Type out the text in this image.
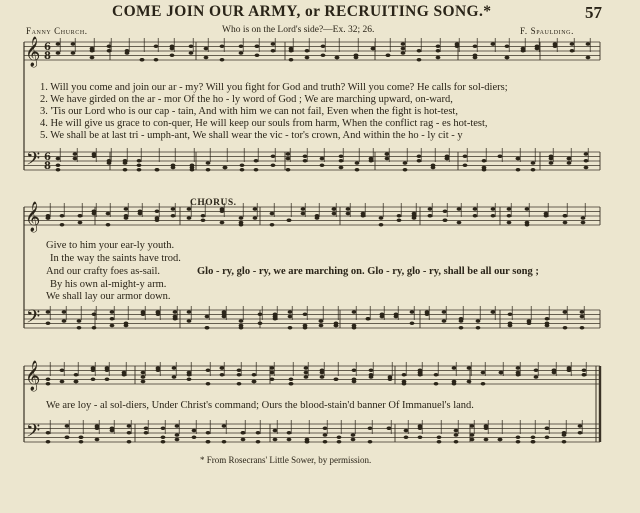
𝄞
𝄢
𝄞
𝄢
𝄞
𝄢
6
8
6
8
COME JOIN OUR ARMY, or RECRUITING SONG.*	57
Fanny Church.	Who is on the Lord's side?—Ex. 32; 26.	F. Spaulding.
1. Will you come and join our ar - my? Will you fight for God and truth? Will you come? He calls for sol-diers;
2. We have girded on the ar - mor Of the ho - ly word of God ; We are marching upward, on-ward,
3. 'Tis our Lord who is our cap - tain, And with him we can not fail, Even when the fight is hot-test,
4. He will give us grace to con-quer, He will keep our souls from harm, When the conflict rag - es hot-test,
5. We shall be at last tri - umph-ant, We shall wear the vic - tor's crown, And within the ho - ly cit - y
CHORUS.
Give to him your ear-ly youth.
In the way the saints have trod.
And our crafty foes as-sail.
By his own al-might-y arm.
We shall lay our armor down.
Glo - ry, glo - ry, we are marching on. Glo - ry, glo - ry, shall be all our song ;
We are loy - al sol-diers, Under Christ's command; Ours the blood-stain'd banner Of Immanuel's land.
* From Rosecrans' Little Sower, by permission.
